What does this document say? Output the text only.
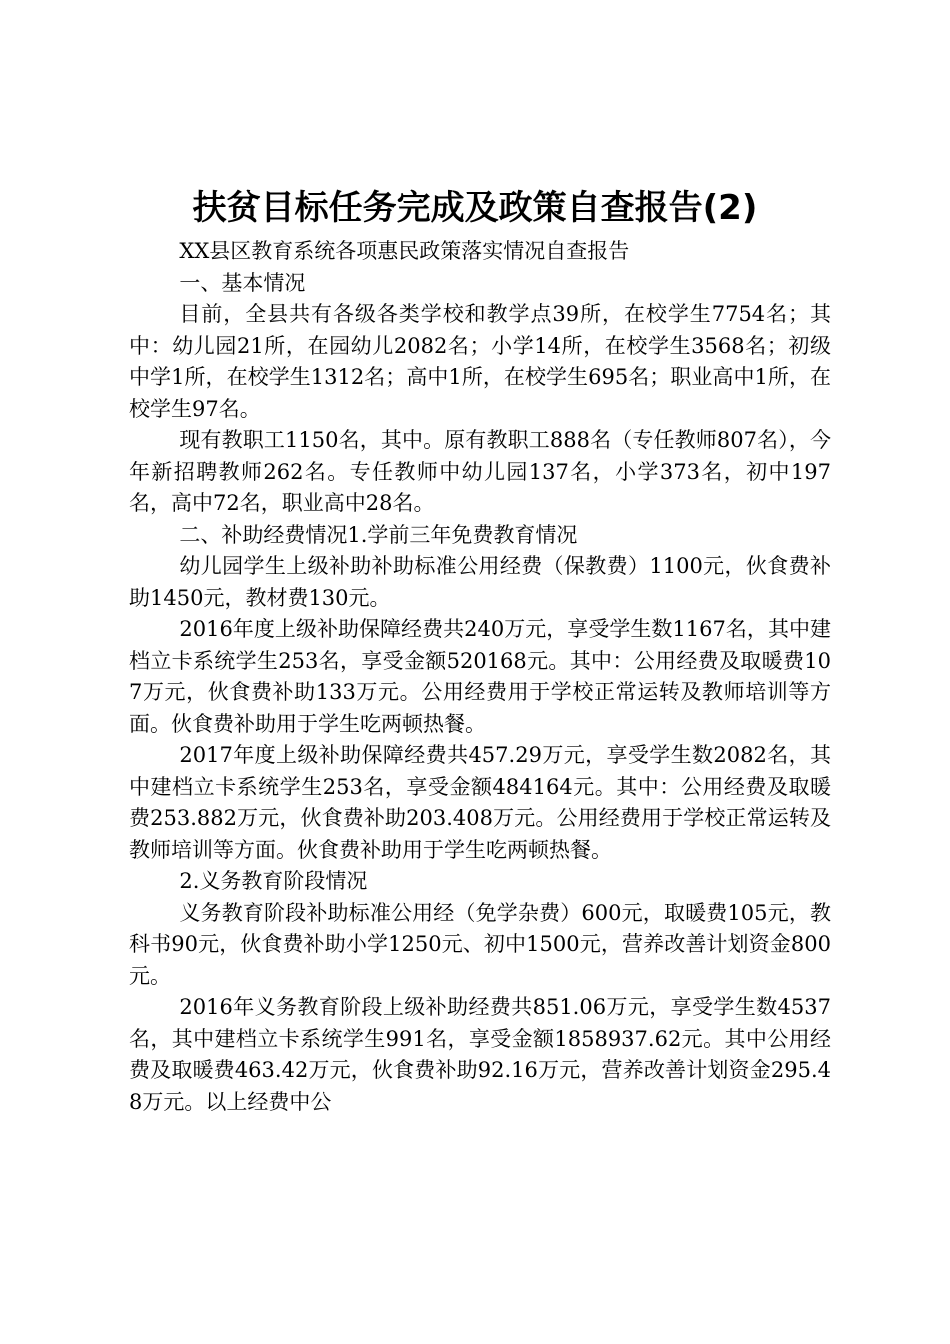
扶贫目标任务完成及政策自查报告(2)

XX县区教育系统各项惠民政策落实情况自查报告

一、基本情况

目前，全县共有各级各类学校和教学点39所，在校学生7754名；其中：幼儿园21所，在园幼儿2082名；小学14所，在校学生3568名；初级中学1所，在校学生1312名；高中1所，在校学生695名；职业高中1所，在校学生97名。

现有教职工1150名，其中。原有教职工888名（专任教师807名），今年新招聘教师262名。专任教师中幼儿园137名，小学373名，初中197名，高中72名，职业高中28名。

二、补助经费情况1.学前三年免费教育情况

幼儿园学生上级补助补助标准公用经费（保教费）1100元，伙食费补助1450元，教材费130元。

2016年度上级补助保障经费共240万元，享受学生数1167名，其中建档立卡系统学生253名，享受金额520168元。其中：公用经费及取暖费107万元，伙食费补助133万元。公用经费用于学校正常运转及教师培训等方面。伙食费补助用于学生吃两顿热餐。

2017年度上级补助保障经费共457.29万元，享受学生数2082名，其中建档立卡系统学生253名，享受金额484164元。其中：公用经费及取暖费253.882万元，伙食费补助203.408万元。公用经费用于学校正常运转及教师培训等方面。伙食费补助用于学生吃两顿热餐。

2.义务教育阶段情况

义务教育阶段补助标准公用经（免学杂费）600元，取暖费105元，教科书90元，伙食费补助小学1250元、初中1500元，营养改善计划资金800元。

2016年义务教育阶段上级补助经费共851.06万元，享受学生数4537名，其中建档立卡系统学生991名，享受金额1858937.62元。其中公用经费及取暖费463.42万元，伙食费补助92.16万元，营养改善计划资金295.48万元。以上经费中公
